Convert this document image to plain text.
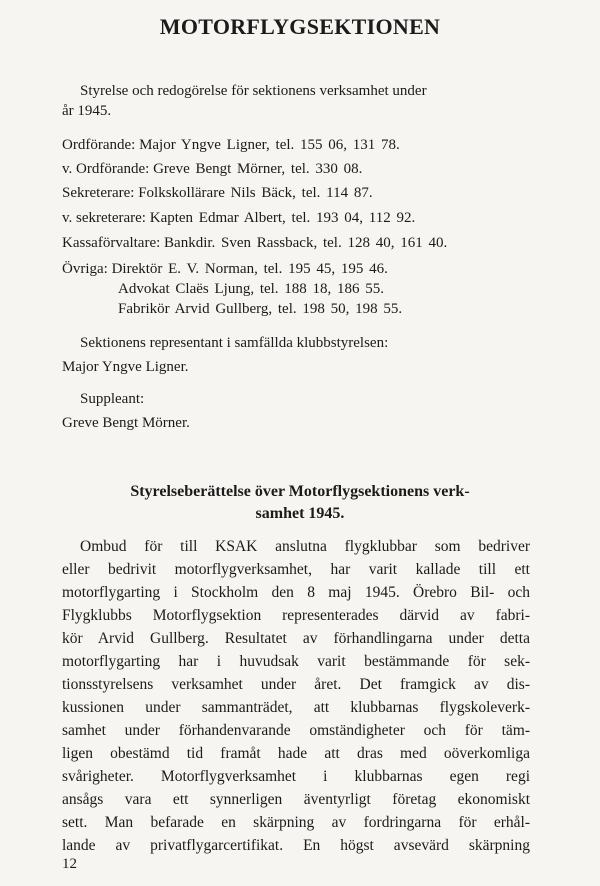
MOTORFLYGSEKTIONEN
Styrelse och redogörelse för sektionens verksamhet under
år 1945.
Ordförande: Major Yngve Ligner, tel. 155 06, 131 78.
v. Ordförande: Greve Bengt Mörner, tel. 330 08.
Sekreterare: Folkskollärare Nils Bäck, tel. 114 87.
v. sekreterare: Kapten Edmar Albert, tel. 193 04, 112 92.
Kassaförvaltare: Bankdir. Sven Rassback, tel. 128 40, 161 40.
Övriga: Direktör E. V. Norman, tel. 195 45, 195 46.
Advokat Claës Ljung, tel. 188 18, 186 55.
Fabrikör Arvid Gullberg, tel. 198 50, 198 55.
Sektionens representant i samfällda klubbstyrelsen:
Major Yngve Ligner.
Suppleant:
Greve Bengt Mörner.
Styrelseberättelse över Motorflygsektionens verk-
samhet 1945.
Ombud för till KSAK anslutna flygklubbar som bedriver
eller bedrivit motorflygverksamhet, har varit kallade till ett
motorflygarting i Stockholm den 8 maj 1945. Örebro Bil- och
Flygklubbs Motorflygsektion representerades därvid av fabri-
kör Arvid Gullberg. Resultatet av förhandlingarna under detta
motorflygarting har i huvudsak varit bestämmande för sek-
tionsstyrelsens verksamhet under året. Det framgick av dis-
kussionen under sammanträdet, att klubbarnas flygskoleverk-
samhet under förhandenvarande omständigheter och för täm-
ligen obestämd tid framåt hade att dras med oöverkomliga
svårigheter. Motorflygverksamhet i klubbarnas egen regi
ansågs vara ett synnerligen äventyrligt företag ekonomiskt
sett. Man befarade en skärpning av fordringarna för erhål-
lande av privatflygarcertifikat. En högst avsevärd skärpning
12
